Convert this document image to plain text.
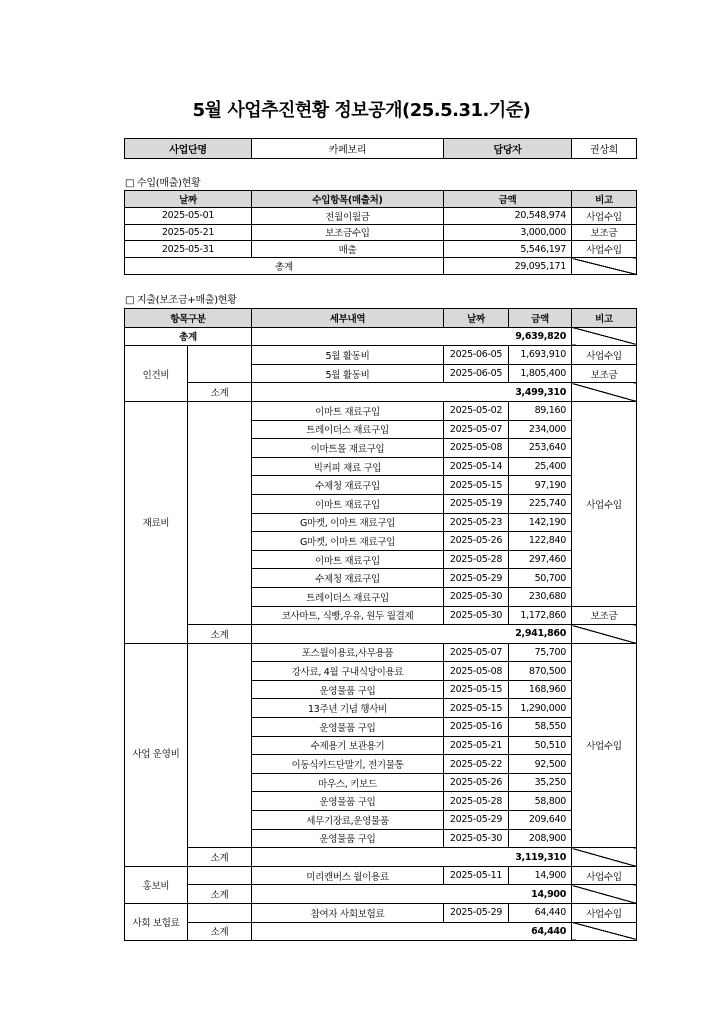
5월 사업추진현황 정보공개(25.5.31.기준)
사업단명	카페보리	담당자	권상희
□ 수입(매출)현황
날짜	수입항목(매출처)	금액	비고
2025-05-01	전월이월금	20,548,974	사업수입
2025-05-21	보조금수입	3,000,000	보조금
2025-05-31	매출	5,546,197	사업수입
총계		29,095,171	
□ 지출(보조금+매출)현황
항목구분		세부내역	날짜	금액	비고
총계		9,639,820			
인건비		5월 활동비	2025-06-05	1,693,910	사업수입
		5월 활동비	2025-06-05	1,805,400	보조금
	소계	3,499,310			
재료비		이마트 재료구입	2025-05-02	89,160	사업수입
		트레이더스 재료구입	2025-05-07	234,000	
		이마트몰 재료구입	2025-05-08	253,640	
		빅커피 재료 구입	2025-05-14	25,400	
		수제청 재료구입	2025-05-15	97,190	
		이마트 재료구입	2025-05-19	225,740	
		G마켓, 이마트 재료구입	2025-05-23	142,190	
		G마켓, 이마트 재료구입	2025-05-26	122,840	
		이마트 재료구입	2025-05-28	297,460	
		수제청 재료구입	2025-05-29	50,700	
		트레이더스 재료구입	2025-05-30	230,680	
		코사마트, 식빵,우유, 원두 월결제	2025-05-30	1,172,860	보조금
	소계	2,941,860			
사업 운영비		포스월이용료,사무용품	2025-05-07	75,700	사업수입
		강사료, 4월 구내식당이용료	2025-05-08	870,500	
		운영물품 구입	2025-05-15	168,960	
		13주년 기념 행사비	2025-05-15	1,290,000	
		운영물품 구입	2025-05-16	58,550	
		수제용기 보관용기	2025-05-21	50,510	
		이동식카드단말기, 전기물통	2025-05-22	92,500	
		마우스, 키보드	2025-05-26	35,250	
		운영물품 구입	2025-05-28	58,800	
		세무기장료,운영물품	2025-05-29	209,640	
		운영물품 구입	2025-05-30	208,900	
	소계	3,119,310			
홍보비		미리캔버스 월이용료	2025-05-11	14,900	사업수입
	소계	14,900			
사회 보험료		참여자 사회보험료	2025-05-29	64,440	사업수입
	소계	64,440			
